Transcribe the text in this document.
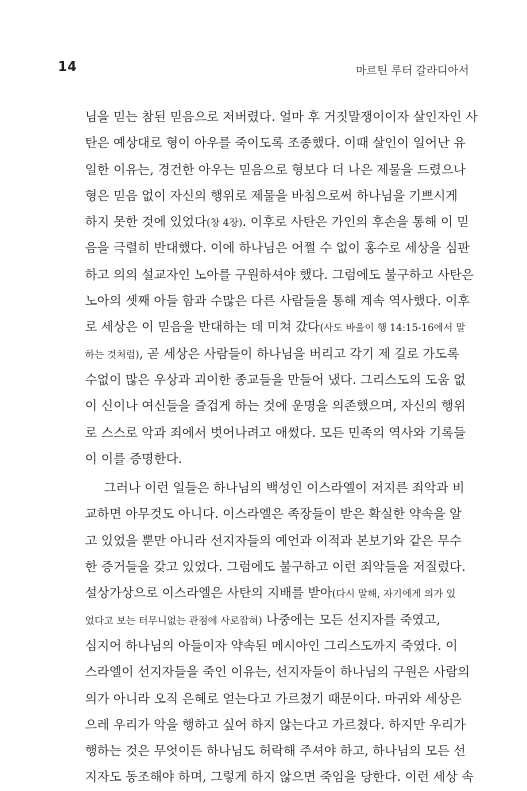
14	마르틴 루터 갈라디아서
님을 믿는 참된 믿음으로 저버렸다. 얼마 후 거짓말쟁이이자 살인자인 사
탄은 예상대로 형이 아우를 죽이도록 조종했다. 이때 살인이 일어난 유
일한 이유는, 경건한 아우는 믿음으로 형보다 더 나은 제물을 드렸으나
형은 믿음 없이 자신의 행위로 제물을 바침으로써 하나님을 기쁘시게
하지 못한 것에 있었다(창 4장). 이후로 사탄은 가인의 후손을 통해 이 믿
음을 극렬히 반대했다. 이에 하나님은 어쩔 수 없이 홍수로 세상을 심판
하고 의의 설교자인 노아를 구원하셔야 했다. 그럼에도 불구하고 사탄은
노아의 셋째 아들 함과 수많은 다른 사람들을 통해 계속 역사했다. 이후
로 세상은 이 믿음을 반대하는 데 미쳐 갔다(사도 바울이 행 14:15-16에서 말
하는 것처럼), 곧 세상은 사람들이 하나님을 버리고 각기 제 길로 가도록
수없이 많은 우상과 괴이한 종교들을 만들어 냈다. 그리스도의 도움 없
이 신이나 여신들을 즐겁게 하는 것에 운명을 의존했으며, 자신의 행위
로 스스로 악과 죄에서 벗어나려고 애썼다. 모든 민족의 역사와 기록들
이 이를 증명한다.
그러나 이런 일들은 하나님의 백성인 이스라엘이 저지른 죄악과 비
교하면 아무것도 아니다. 이스라엘은 족장들이 받은 확실한 약속을 알
고 있었을 뿐만 아니라 선지자들의 예언과 이적과 본보기와 같은 무수
한 증거들을 갖고 있었다. 그럼에도 불구하고 이런 죄악들을 저질렀다.
설상가상으로 이스라엘은 사탄의 지배를 받아(다시 말해, 자기에게 의가 있
었다고 보는 터무니없는 관점에 사로잡혀) 나중에는 모든 선지자를 죽였고,
심지어 하나님의 아들이자 약속된 메시아인 그리스도까지 죽였다. 이
스라엘이 선지자들을 죽인 이유는, 선지자들이 하나님의 구원은 사람의
의가 아니라 오직 은혜로 얻는다고 가르쳤기 때문이다. 마귀와 세상은
으레 우리가 악을 행하고 싶어 하지 않는다고 가르쳤다. 하지만 우리가
행하는 것은 무엇이든 하나님도 허락해 주셔야 하고, 하나님의 모든 선
지자도 동조해야 하며, 그렇게 하지 않으면 죽임을 당한다. 이런 세상 속
